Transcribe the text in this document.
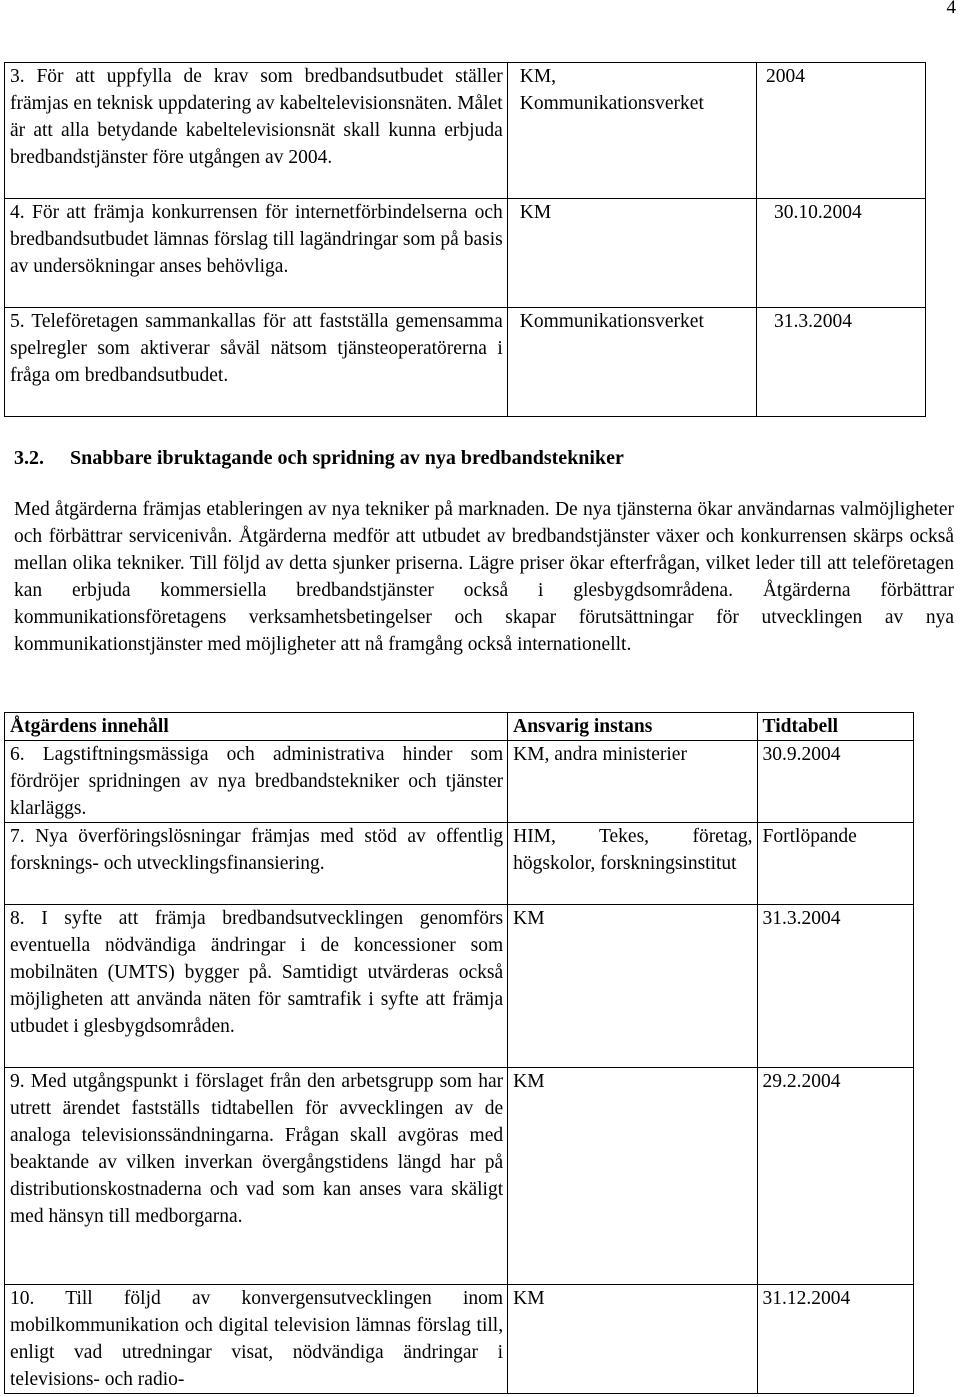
4
3. För att uppfylla de krav som bredbandsutbudet ställer främjas en teknisk uppdatering av kabeltelevisionsnäten. Målet är att alla betydande kabeltelevisionsnät skall kunna erbjuda bredbandstjänster före utgången av 2004.	KM, Kommunikationsverket	2004

4. För att främja konkurrensen för internetförbindelserna och bredbandsutbudet lämnas förslag till lagändringar som på basis av undersökningar anses behövliga.	KM	30.10.2004

5. Teleföretagen sammankallas för att fastställa gemensamma spelregler som aktiverar såväl nätsom tjänsteoperatörerna i fråga om bredbandsutbudet.	Kommunikationsverket	31.3.2004
3.2. Snabbare ibruktagande och spridning av nya bredbandstekniker
Med åtgärderna främjas etableringen av nya tekniker på marknaden. De nya tjänsterna ökar användarnas valmöjligheter och förbättrar servicenivån. Åtgärderna medför att utbudet av bredbandstjänster växer och konkurrensen skärps också mellan olika tekniker. Till följd av detta sjunker priserna. Lägre priser ökar efterfrågan, vilket leder till att teleföretagen kan erbjuda kommersiella bredbandstjänster också i glesbygdsområdena. Åtgärderna förbättrar kommunikationsföretagens verksamhetsbetingelser och skapar förutsättningar för utvecklingen av nya kommunikationstjänster med möjligheter att nå framgång också internationellt.
Åtgärdens innehåll	Ansvarig instans	Tidtabell

6. Lagstiftningsmässiga och administrativa hinder som fördröjer spridningen av nya bredbandstekniker och tjänster klarläggs.	KM, andra ministerier	30.9.2004

7. Nya överföringslösningar främjas med stöd av offentlig forsknings- och utvecklingsfinansiering.	HIM, Tekes, företag, högskolor, forskningsinstitut	Fortlöpande

8. I syfte att främja bredbandsutvecklingen genomförs eventuella nödvändiga ändringar i de koncessioner som mobilnäten (UMTS) bygger på. Samtidigt utvärderas också möjligheten att använda näten för samtrafik i syfte att främja utbudet i glesbygdsområden.	KM	31.3.2004

9. Med utgångspunkt i förslaget från den arbetsgrupp som har utrett ärendet fastställs tidtabellen för avvecklingen av de analoga televisionssändningarna. Frågan skall avgöras med beaktande av vilken inverkan övergångstidens längd har på distributionskostnaderna och vad som kan anses vara skäligt med hänsyn till medborgarna.	KM	29.2.2004

10. Till följd av konvergensutvecklingen inom mobilkommunikation och digital television lämnas förslag till, enligt vad utredningar visat, nödvändiga ändringar i televisions- och radio-	KM	31.12.2004
